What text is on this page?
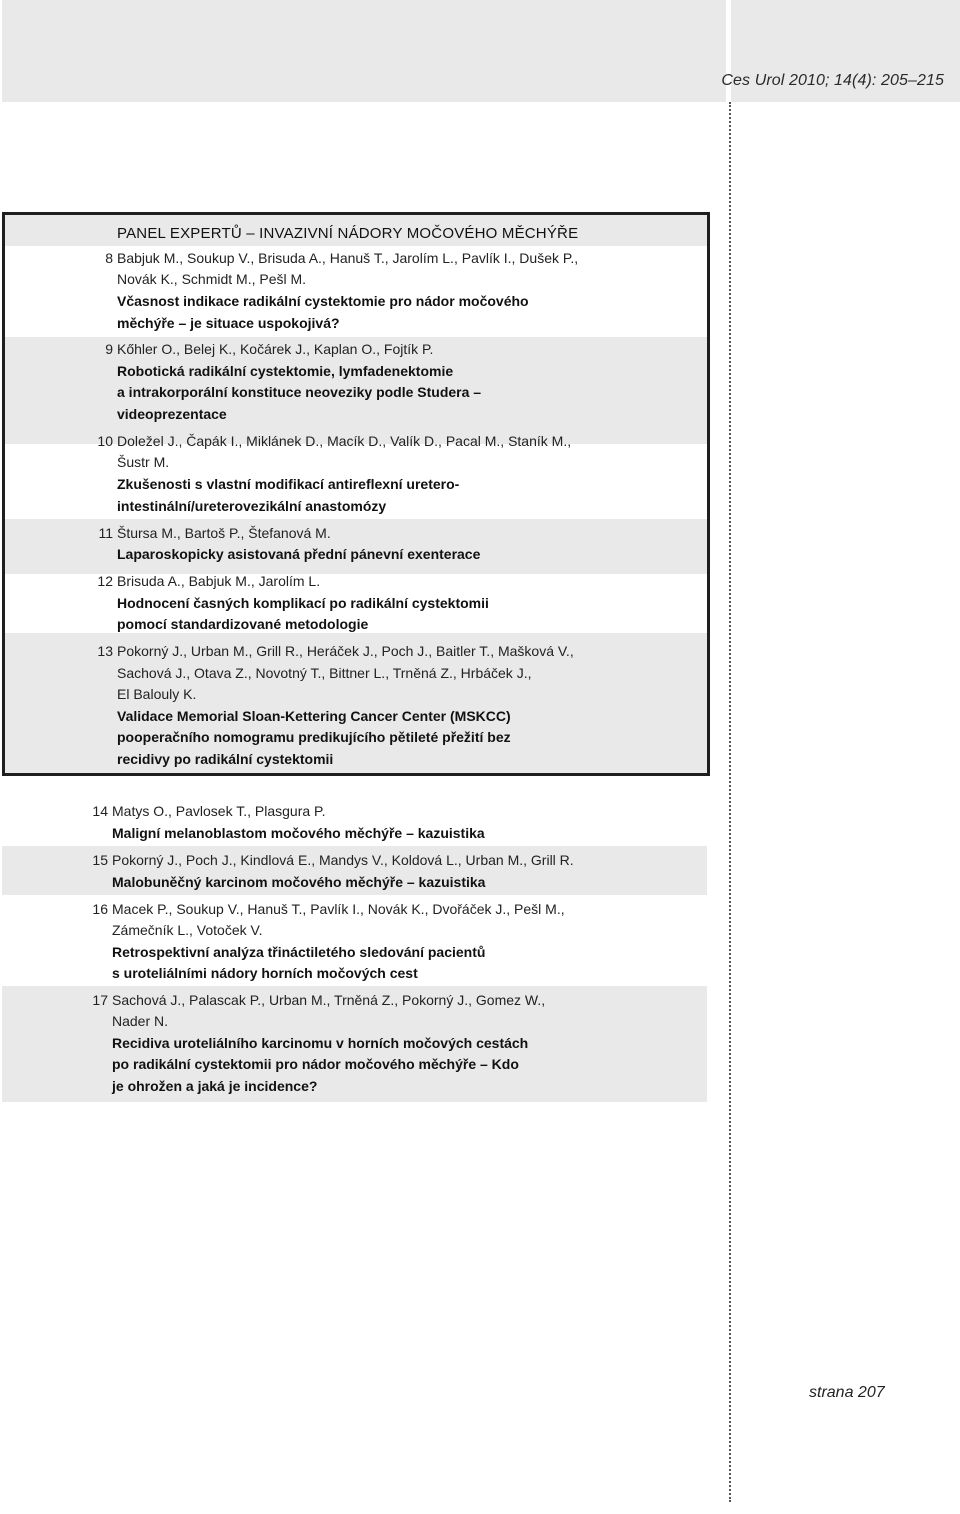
Ces Urol 2010; 14(4): 205–215
PANEL EXPERTŮ – INVAZIVNÍ NÁDORY MOČOVÉHO MĚCHÝŘE
8 Babjuk M., Soukup V., Brisuda A., Hanuš T., Jarolím L., Pavlík I., Dušek P.,
Novák K., Schmidt M., Pešl M.
Včasnost indikace radikální cystektomie pro nádor močového
měchýře – je situace uspokojivá?
9 Kőhler O., Belej K., Kočárek J., Kaplan O., Fojtík P.
Robotická radikální cystektomie, lymfadenektomie
a intrakorporální konstituce neoveziky podle Studera –
videoprezentace
10 Doležel J., Čapák I., Miklánek D., Macík D., Valík D., Pacal M., Staník M.,
Šustr M.
Zkušenosti s vlastní modifikací antireflexní uretero-
intestinální/ureterovezikální anastomózy
11 Štursa M., Bartoš P., Štefanová M.
Laparoskopicky asistovaná přední pánevní exenterace
12 Brisuda A., Babjuk M., Jarolím L.
Hodnocení časných komplikací po radikální cystektomii
pomocí standardizované metodologie
13 Pokorný J., Urban M., Grill R., Heráček J., Poch J., Baitler T., Mašková V.,
Sachová J., Otava Z., Novotný T., Bittner L., Trněná Z., Hrbáček J.,
El Balouly K.
Validace Memorial Sloan-Kettering Cancer Center (MSKCC)
pooperačního nomogramu predikujícího pětileté přežití bez
recidivy po radikální cystektomii
14 Matys O., Pavlosek T., Plasgura P.
Maligní melanoblastom močového měchýře – kazuistika
15 Pokorný J., Poch J., Kindlová E., Mandys V., Koldová L., Urban M., Grill R.
Malobuněčný karcinom močového měchýře – kazuistika
16 Macek P., Soukup V., Hanuš T., Pavlík I., Novák K., Dvořáček J., Pešl M.,
Zámečník L., Votoček V.
Retrospektivní analýza třináctiletého sledování pacientů
s uroteliálními nádory horních močových cest
17 Sachová J., Palascak P., Urban M., Trněná Z., Pokorný J., Gomez W.,
Nader N.
Recidiva uroteliálního karcinomu v horních močových cestách
po radikální cystektomii pro nádor močového měchýře – Kdo
je ohrožen a jaká je incidence?
strana 207
